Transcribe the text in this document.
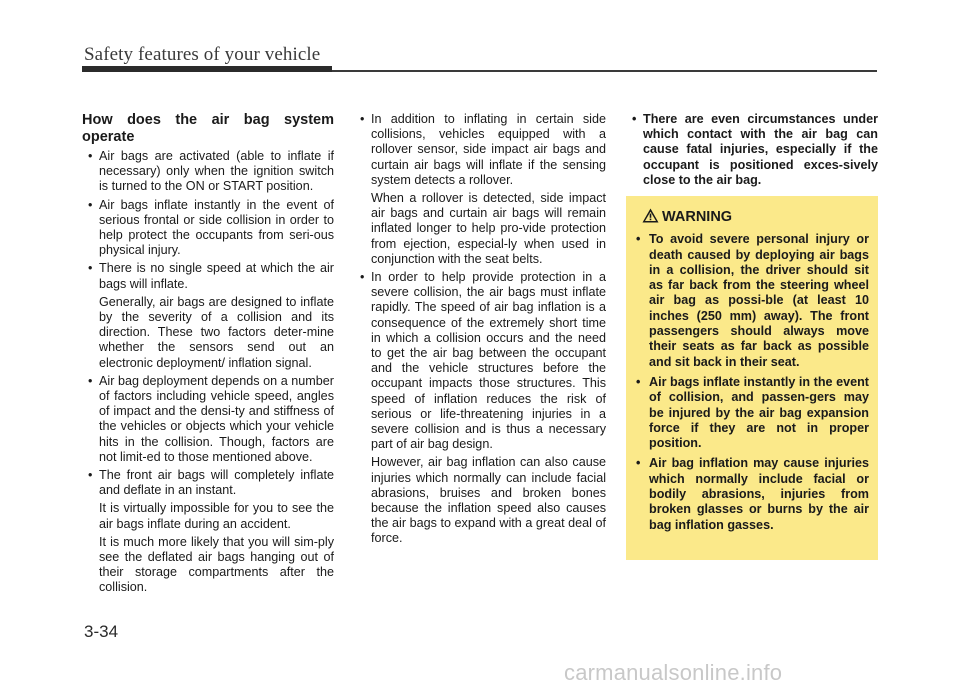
Safety features of your vehicle
How does the air bag system operate
• Air bags are activated (able to inflate if necessary) only when the ignition switch is turned to the ON or START position.
• Air bags inflate instantly in the event of serious frontal or side collision in order to help protect the occupants from seri-ous physical injury.
• There is no single speed at which the air bags will inflate.
Generally, air bags are designed to inflate by the severity of a collision and its direction. These two factors deter-mine whether the sensors send out an electronic deployment/ inflation signal.
• Air bag deployment depends on a number of factors including vehicle speed, angles of impact and the densi-ty and stiffness of the vehicles or objects which your vehicle hits in the collision. Though, factors are not limit-ed to those mentioned above.
• The front air bags will completely inflate and deflate in an instant.
It is virtually impossible for you to see the air bags inflate during an accident.
It is much more likely that you will sim-ply see the deflated air bags hanging out of their storage compartments after the collision.
• In addition to inflating in certain side collisions, vehicles equipped with a rollover sensor, side impact air bags and curtain air bags will inflate if the sensing system detects a rollover.
When a rollover is detected, side impact air bags and curtain air bags will remain inflated longer to help pro-vide protection from ejection, especial-ly when used in conjunction with the seat belts.
• In order to help provide protection in a severe collision, the air bags must inflate rapidly. The speed of air bag inflation is a consequence of the extremely short time in which a collision occurs and the need to get the air bag between the occupant and the vehicle structures before the occupant impacts those structures. This speed of inflation reduces the risk of serious or life-threatening injuries in a severe collision and is thus a necessary part of air bag design.
However, air bag inflation can also cause injuries which normally can include facial abrasions, bruises and broken bones because the inflation speed also causes the air bags to expand with a great deal of force.
• There are even circumstances under which contact with the air bag can cause fatal injuries, especially if the occupant is positioned exces-sively close to the air bag.
WARNING
• To avoid severe personal injury or death caused by deploying air bags in a collision, the driver should sit as far back from the steering wheel air bag as possi-ble (at least 10 inches (250 mm) away). The front passengers should always move their seats as far back as possible and sit back in their seat.
• Air bags inflate instantly in the event of collision, and passen-gers may be injured by the air bag expansion force if they are not in proper position.
• Air bag inflation may cause injuries which normally include facial or bodily abrasions, injuries from broken glasses or burns by the air bag inflation gasses.
3-34
carmanualsonline.info
